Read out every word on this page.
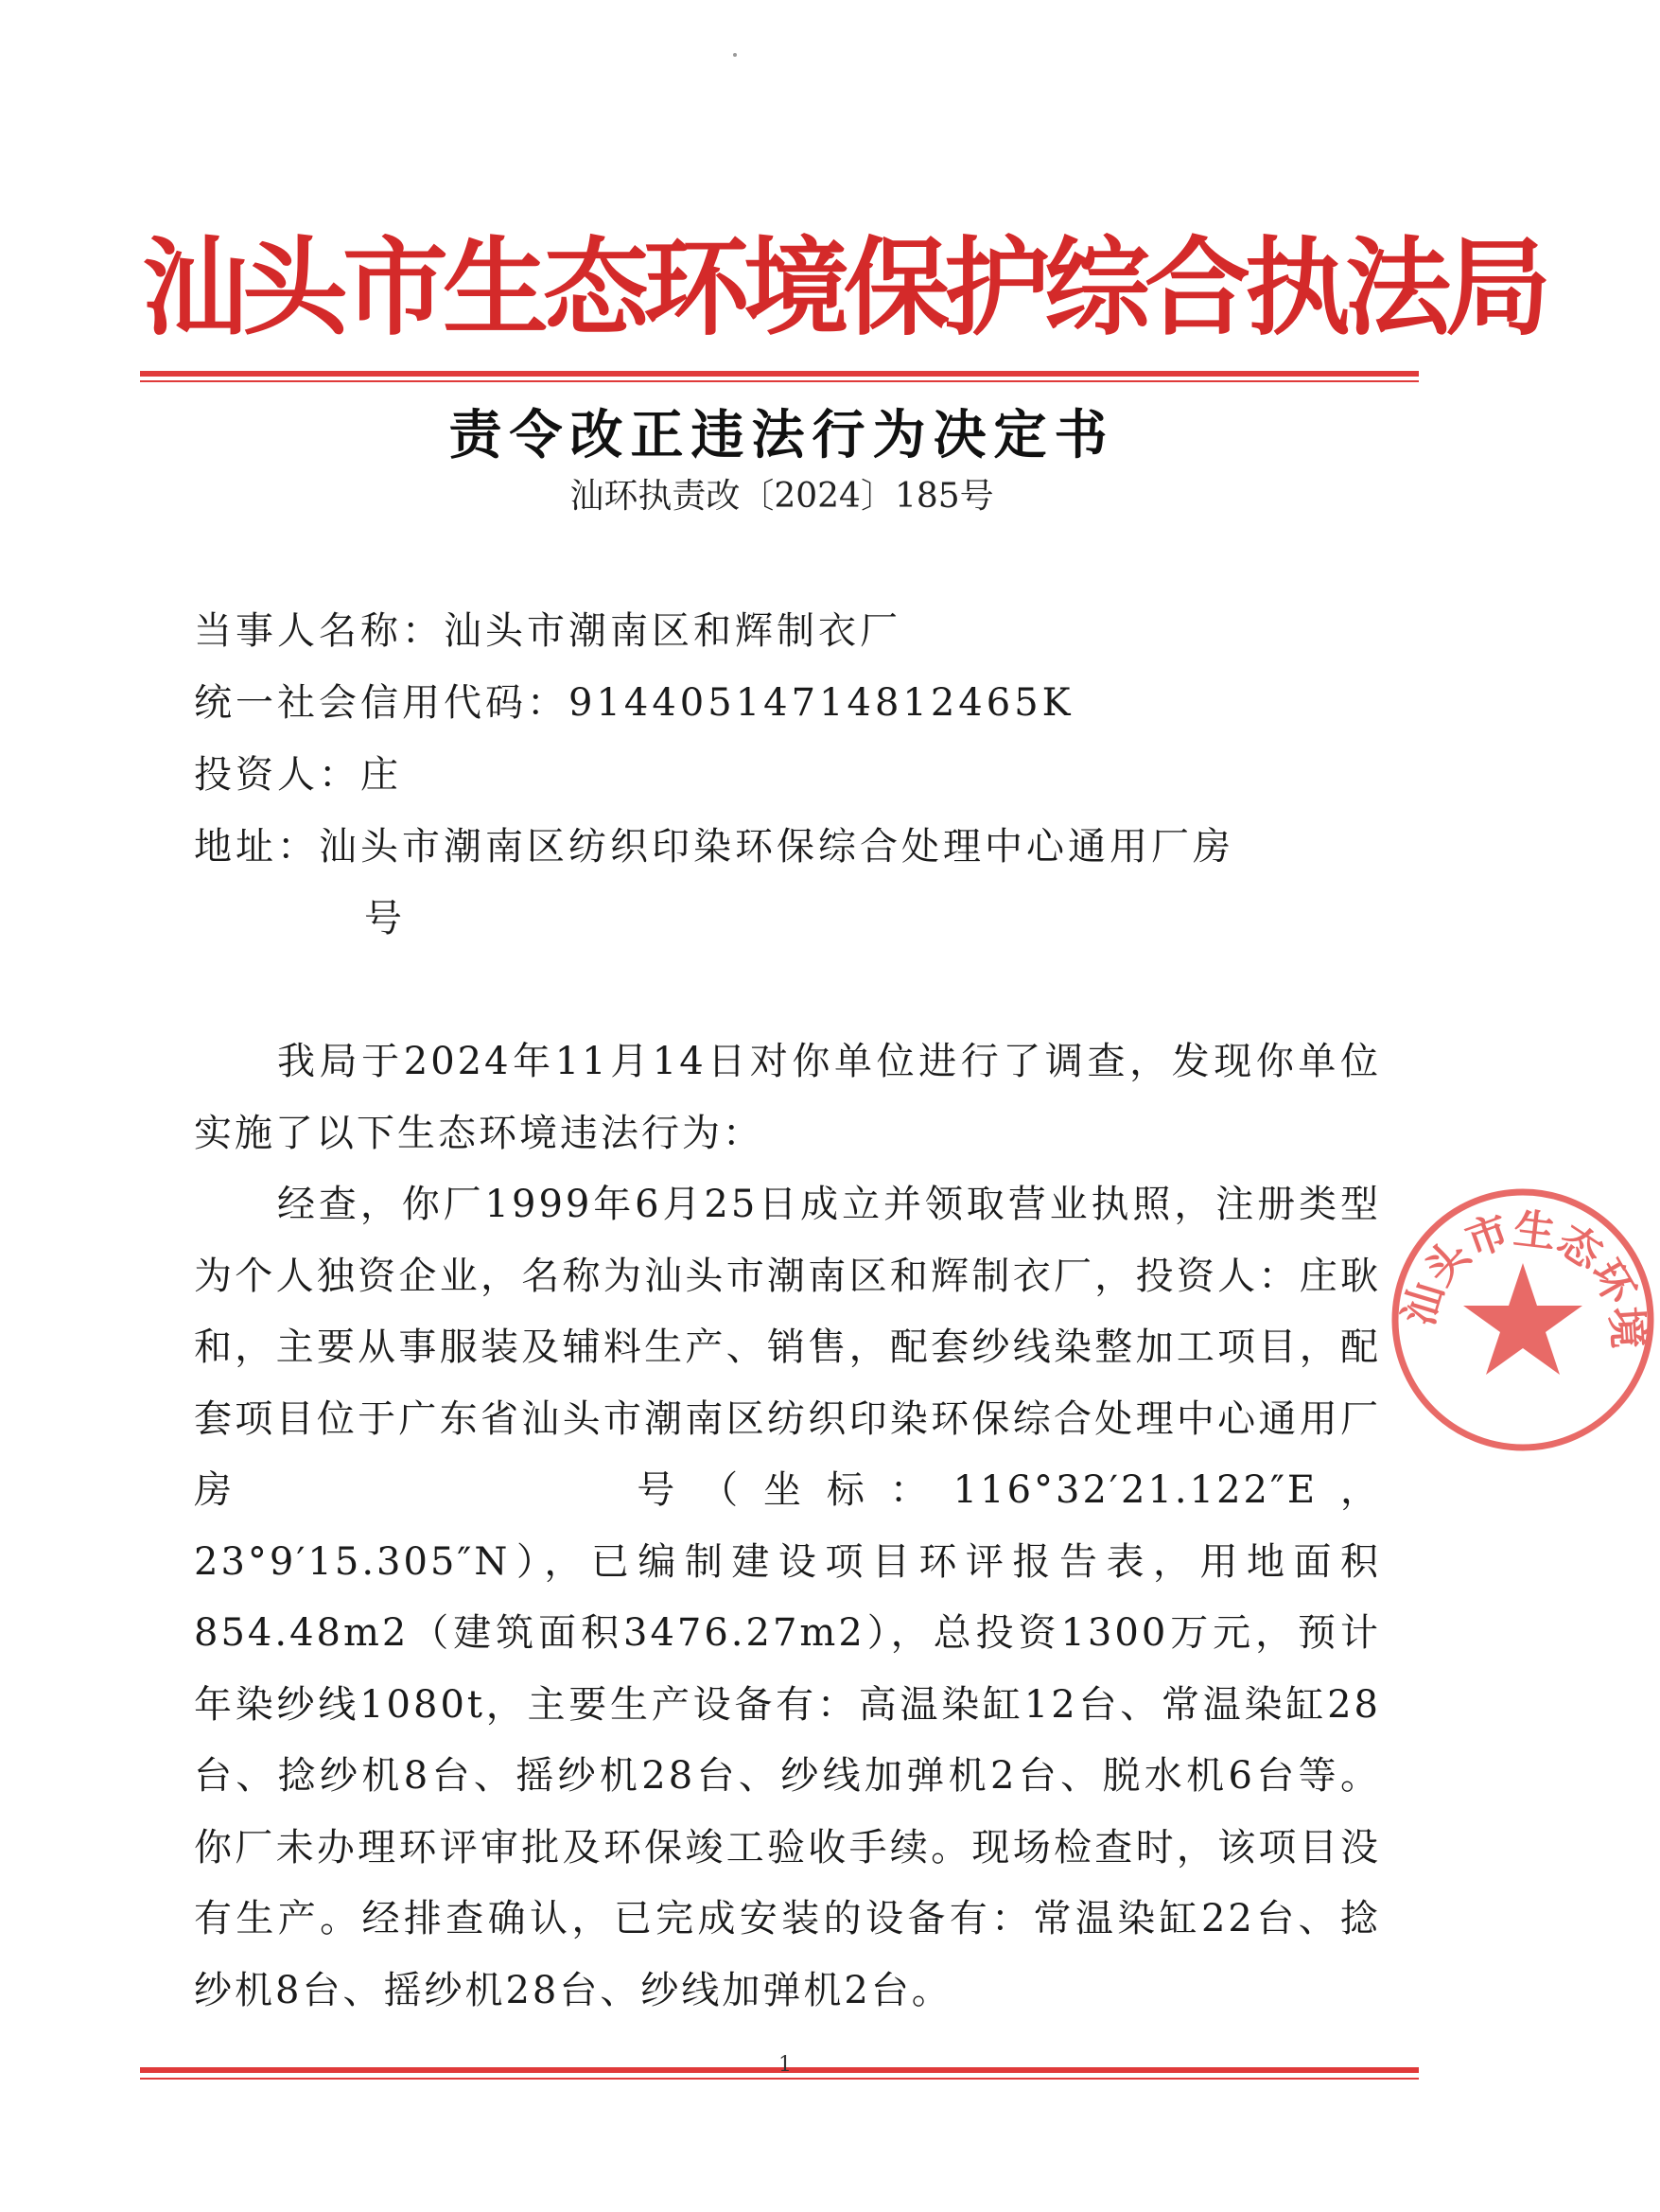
汕头市生态环境保护综合执法局
责令改正违法行为决定书
汕环执责改〔2024〕185号
当事人名称：汕头市潮南区和辉制衣厂
统一社会信用代码：91440514714812465K
投资人：庄
地址：汕头市潮南区纺织印染环保综合处理中心通用厂房
号
我局于2024年11月14日对你单位进行了调查，发现你单位实施了以下生态环境违法行为：
经查，你厂1999年6月25日成立并领取营业执照，注册类型为个人独资企业，名称为汕头市潮南区和辉制衣厂，投资人：庄耿和，主要从事服装及辅料生产、销售，配套纱线染整加工项目，配套项目位于广东省汕头市潮南区纺织印染环保综合处理中心通用厂房　　　　　　号（坐标：116°32′21.122″E，23°9′15.305″N），已编制建设项目环评报告表，用地面积854.48m2（建筑面积3476.27m2），总投资1300万元，预计年染纱线1080t，主要生产设备有：高温染缸12台、常温染缸28台、捻纱机8台、摇纱机28台、纱线加弹机2台、脱水机6台等。你厂未办理环评审批及环保竣工验收手续。现场检查时，该项目没有生产。经排查确认，已完成安装的设备有：常温染缸22台、捻纱机8台、摇纱机28台、纱线加弹机2台。
汕头市生态环境
1
